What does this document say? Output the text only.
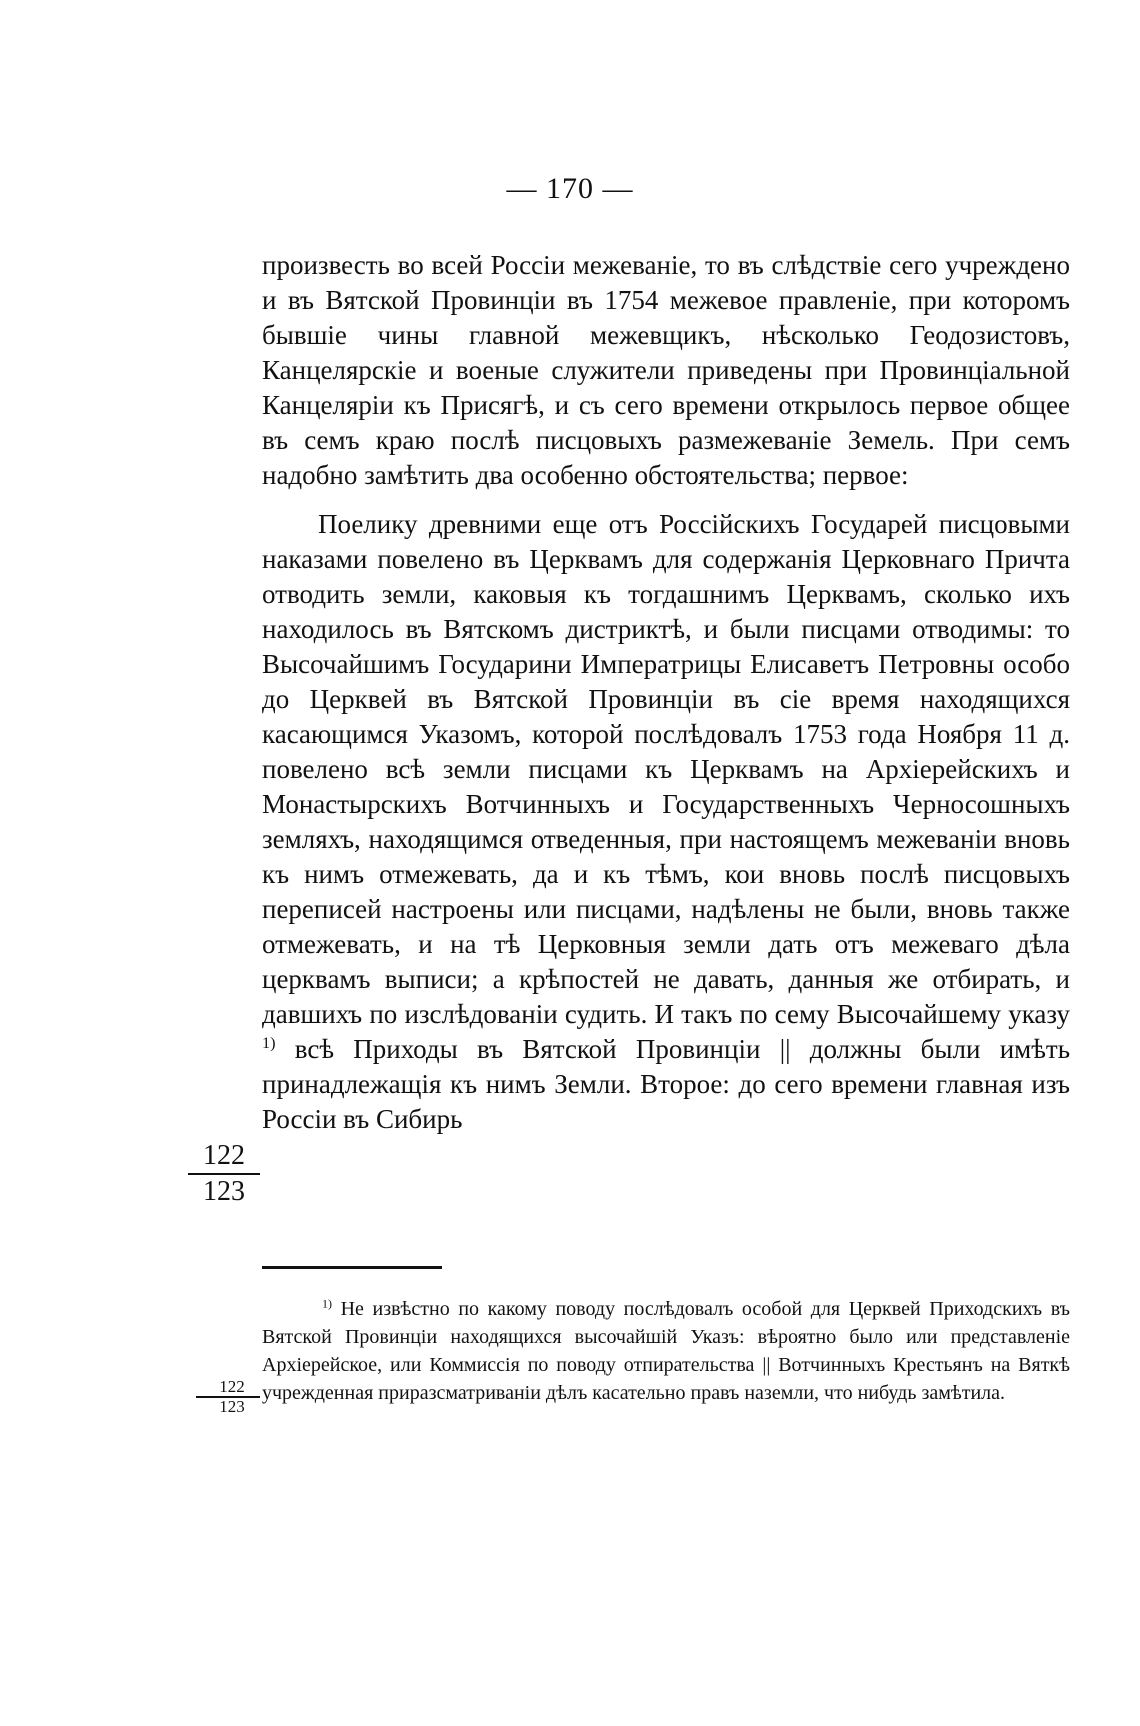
— 170 —

произвесть во всей Россіи межеваніе, то въ слѣдствіе сего учреждено и въ Вятской Провинціи въ 1754 межевое правленіе, при которомъ бывшіе чины главной межевщикъ, нѣсколько Геодозистовъ, Канцелярскіе и военые служители приведены при Провинціальной Канцеляріи къ Присягѣ, и съ сего времени открылось первое общее въ семъ краю послѣ писцовыхъ размежеваніе Земель. При семъ надобно замѣтить два особенно обстоятельства; первое:

Поелику древними еще отъ Россійскихъ Государей писцовыми наказами повелено въ Церквамъ для содержанія Церковнаго Причта отводить земли, каковыя къ тогдашнимъ Церквамъ, сколько ихъ находилось въ Вятскомъ дистриктѣ, и были писцами отводимы: то Высочайшимъ Государини Императрицы Елисаветъ Петровны особо до Церквей въ Вятской Провинціи въ сіе время находящихся касающимся Указомъ, которой послѣдовалъ 1753 года Ноября 11 д. повелено всѣ земли писцами къ Церквамъ на Архіерейскихъ и Монастырскихъ Вотчинныхъ и Государственныхъ Черносошныхъ земляхъ, находящимся отведенныя, при настоящемъ межеваніи вновь къ нимъ отмежевать, да и къ тѣмъ, кои вновь послѣ писцовыхъ переписей настроены или писцами, надѣлены не были, вновь также отмежевать, и на тѣ Церковныя земли дать отъ межеваго дѣла церквамъ выписи; а крѣпостей не давать, данныя же отбирать, и давшихъ по изслѣдованіи судить. И такъ по сему Высочайшему указу $^{1)}$ всѣ Приходы въ Вятской Провинціи || должны были имѣть принадлежащія къ нимъ Земли. Второе: до сего времени главная изъ Россіи въ Сибирь

122
123
$^{1)}$ Не извѣстно по какому поводу послѣдовалъ особой для Церквей Приходскихъ въ Вятской Провинціи находящихся высочайшій Указъ: вѣроятно было или представленіе Архіерейское, или Коммиссія по поводу отпирательства || Вотчинныхъ Крестьянъ на Вяткѣ учрежденная приразсматриваніи дѣлъ касательно правъ наземли, что нибудь замѣтила.
122
123
